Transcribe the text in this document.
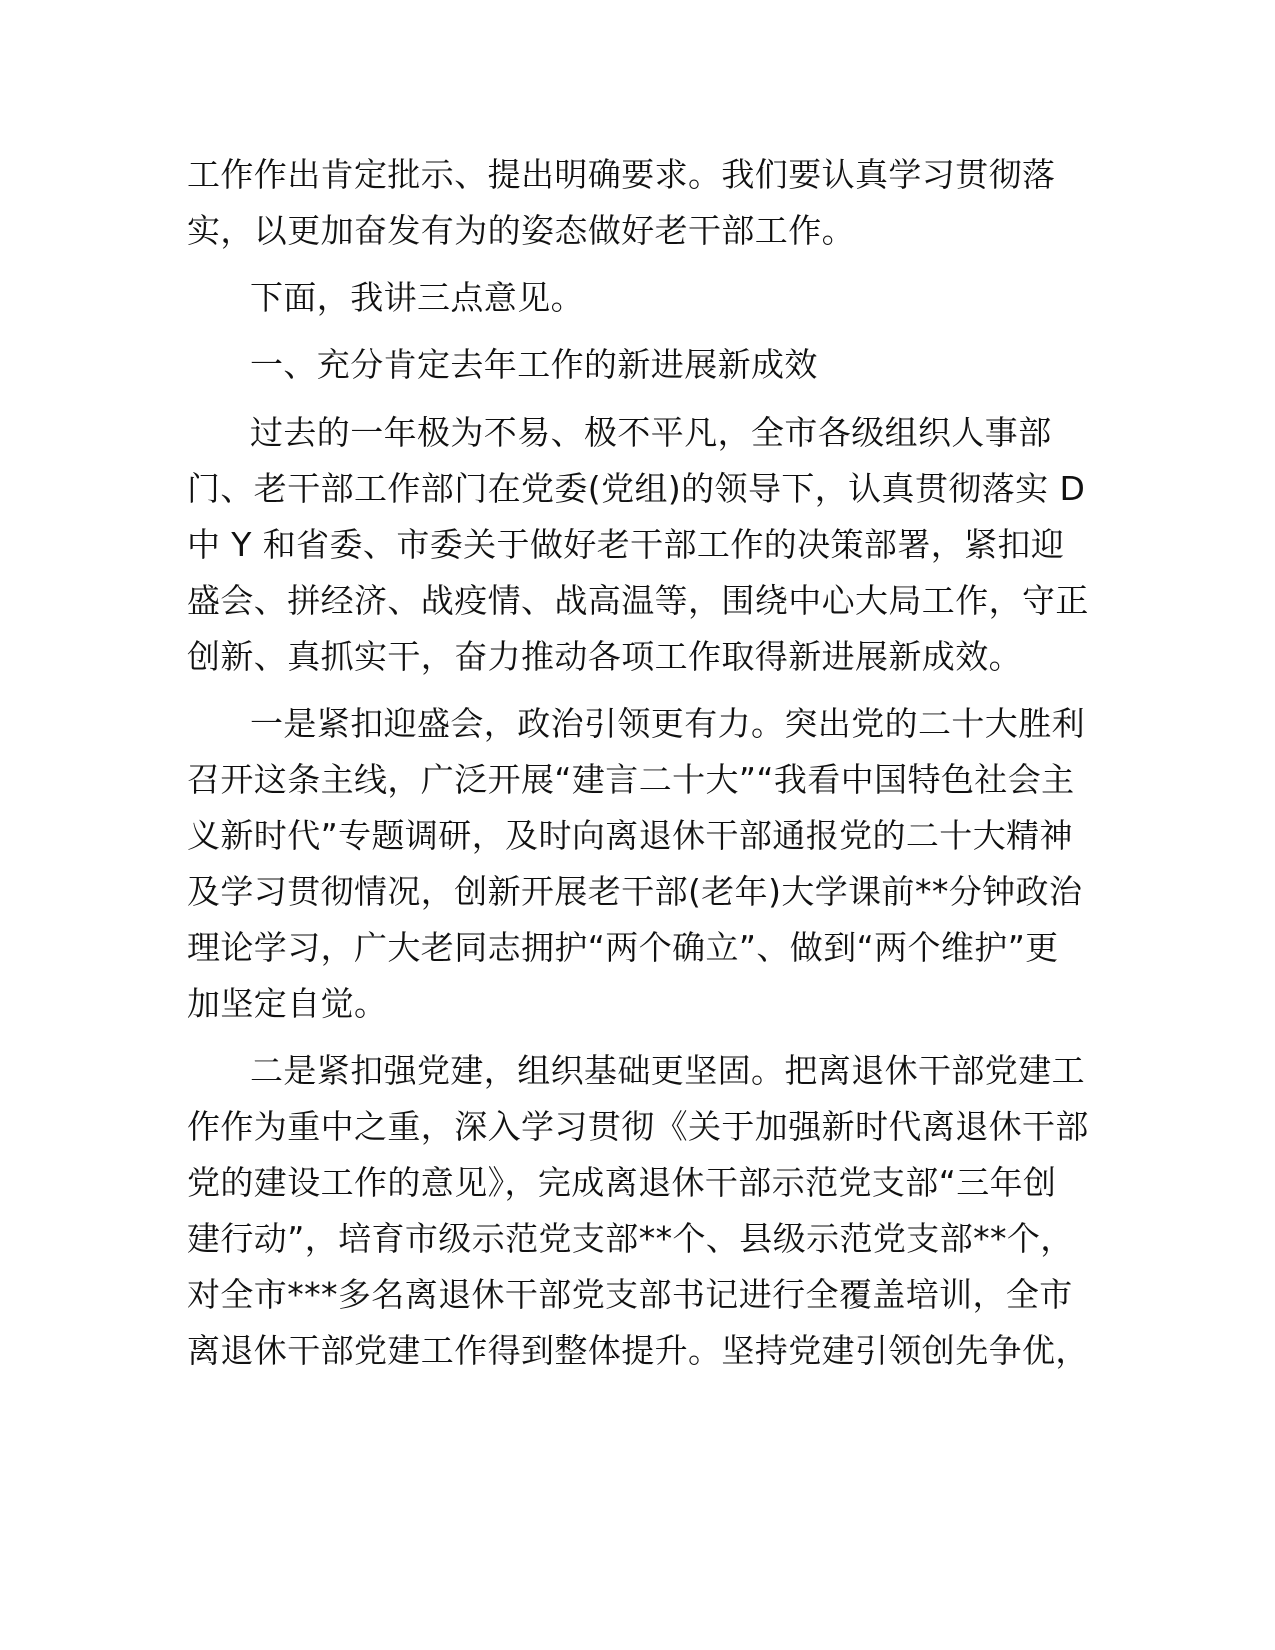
工作作出肯定批示、提出明确要求。我们要认真学习贯彻落
实，以更加奋发有为的姿态做好老干部工作。
下面，我讲三点意见。
一、充分肯定去年工作的新进展新成效
过去的一年极为不易、极不平凡，全市各级组织人事部
门、老干部工作部门在党委(党组)的领导下，认真贯彻落实 D
中 Y 和省委、市委关于做好老干部工作的决策部署，紧扣迎
盛会、拼经济、战疫情、战高温等，围绕中心大局工作，守正
创新、真抓实干，奋力推动各项工作取得新进展新成效。
一是紧扣迎盛会，政治引领更有力。突出党的二十大胜利
召开这条主线，广泛开展“建言二十大”“我看中国特色社会主
义新时代”专题调研，及时向离退休干部通报党的二十大精神
及学习贯彻情况，创新开展老干部(老年)大学课前**分钟政治
理论学习，广大老同志拥护“两个确立”、做到“两个维护”更
加坚定自觉。
二是紧扣强党建，组织基础更坚固。把离退休干部党建工
作作为重中之重，深入学习贯彻《关于加强新时代离退休干部
党的建设工作的意见》，完成离退休干部示范党支部“三年创
建行动”，培育市级示范党支部**个、县级示范党支部**个，
对全市***多名离退休干部党支部书记进行全覆盖培训，全市
离退休干部党建工作得到整体提升。坚持党建引领创先争优，
